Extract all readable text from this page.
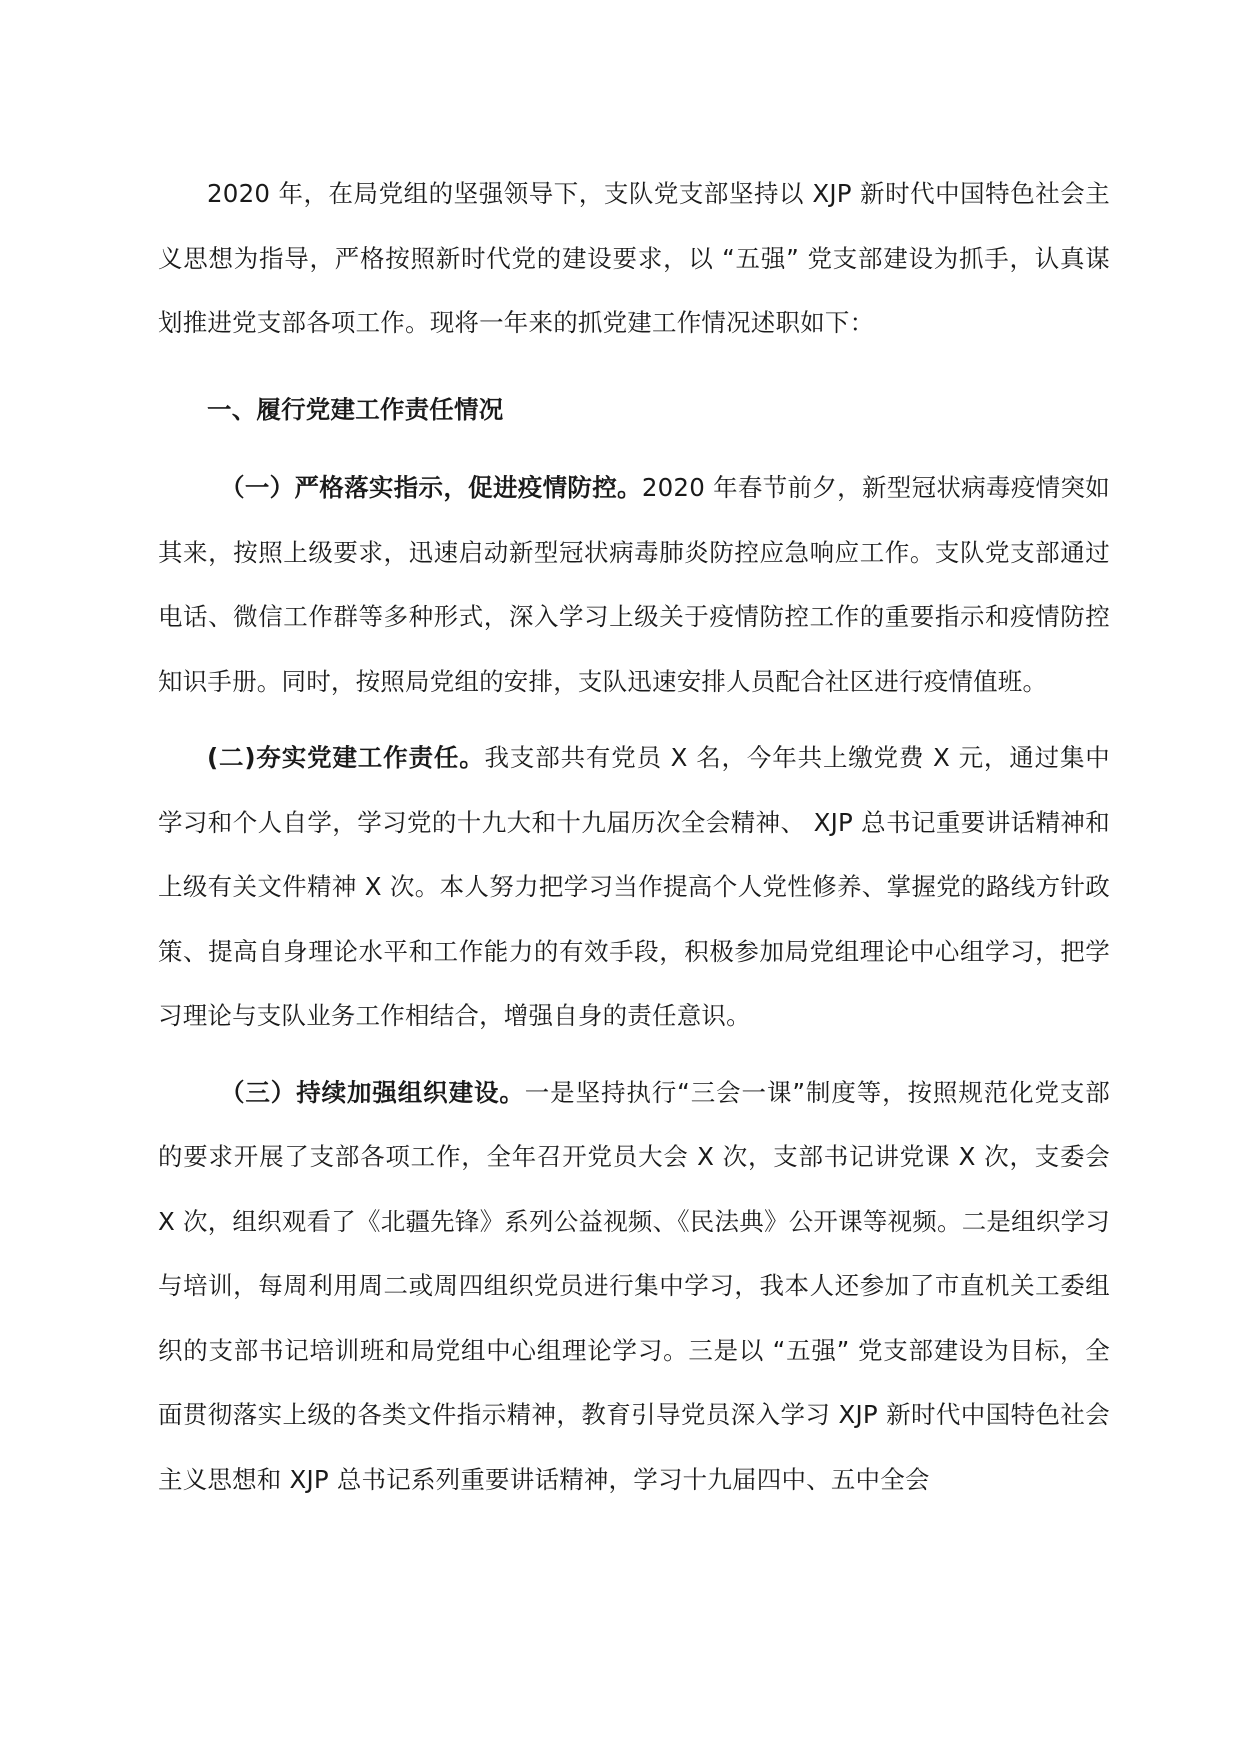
2020 年，在局党组的坚强领导下，支队党支部坚持以 XJP 新时代中国特色社会主义思想为指导，严格按照新时代党的建设要求，以 “五强” 党支部建设为抓手，认真谋划推进党支部各项工作。现将一年来的抓党建工作情况述职如下：

一、履行党建工作责任情况

（一）严格落实指示，促进疫情防控。2020 年春节前夕，新型冠状病毒疫情突如其来，按照上级要求，迅速启动新型冠状病毒肺炎防控应急响应工作。支队党支部通过电话、微信工作群等多种形式，深入学习上级关于疫情防控工作的重要指示和疫情防控知识手册。同时，按照局党组的安排，支队迅速安排人员配合社区进行疫情值班。

(二)夯实党建工作责任。我支部共有党员 X 名，今年共上缴党费 X 元，通过集中学习和个人自学，学习党的十九大和十九届历次全会精神、 XJP 总书记重要讲话精神和上级有关文件精神 X 次。本人努力把学习当作提高个人党性修养、掌握党的路线方针政策、提高自身理论水平和工作能力的有效手段，积极参加局党组理论中心组学习，把学习理论与支队业务工作相结合，增强自身的责任意识。

（三）持续加强组织建设。一是坚持执行“三会一课”制度等，按照规范化党支部的要求开展了支部各项工作，全年召开党员大会 X 次，支部书记讲党课 X 次，支委会 X 次，组织观看了《北疆先锋》系列公益视频、《民法典》公开课等视频。二是组织学习与培训，每周利用周二或周四组织党员进行集中学习，我本人还参加了市直机关工委组织的支部书记培训班和局党组中心组理论学习。三是以 “五强” 党支部建设为目标，全面贯彻落实上级的各类文件指示精神，教育引导党员深入学习 XJP 新时代中国特色社会主义思想和 XJP 总书记系列重要讲话精神，学习十九届四中、五中全会
